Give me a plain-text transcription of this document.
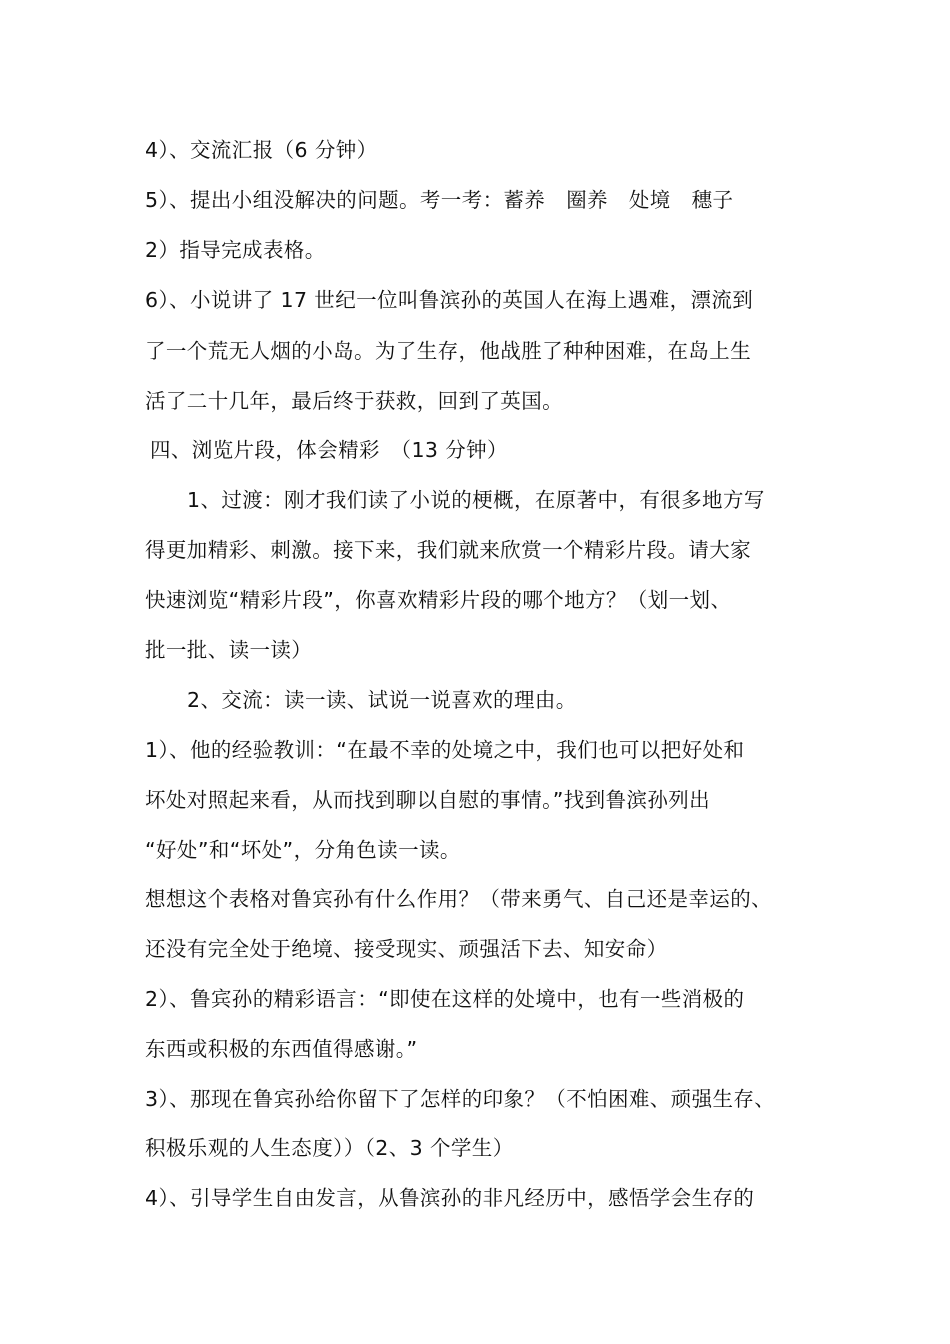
4）、交流汇报（6 分钟）
5）、提出小组没解决的问题。考一考：蓄养　圈养　处境　穗子
2）指导完成表格。
6）、小说讲了 17 世纪一位叫鲁滨孙的英国人在海上遇难，漂流到
了一个荒无人烟的小岛。为了生存，他战胜了种种困难，在岛上生
活了二十几年，最后终于获救，回到了英国。
四、浏览片段，体会精彩　（13 分钟）
1、过渡：刚才我们读了小说的梗概，在原著中，有很多地方写
得更加精彩、刺激。接下来，我们就来欣赏一个精彩片段。请大家
快速浏览“精彩片段”，你喜欢精彩片段的哪个地方？（划一划、
批一批、读一读）
2、交流：读一读、试说一说喜欢的理由。
1）、他的经验教训：“在最不幸的处境之中，我们也可以把好处和
坏处对照起来看，从而找到聊以自慰的事情。”找到鲁滨孙列出
“好处”和“坏处”，分角色读一读。
想想这个表格对鲁宾孙有什么作用？（带来勇气、自己还是幸运的、
还没有完全处于绝境、接受现实、顽强活下去、知安命）
2）、鲁宾孙的精彩语言：“即使在这样的处境中，也有一些消极的
东西或积极的东西值得感谢。”
3）、那现在鲁宾孙给你留下了怎样的印象？（不怕困难、顽强生存、
积极乐观的人生态度））（2、3 个学生）
4）、引导学生自由发言，从鲁滨孙的非凡经历中，感悟学会生存的
